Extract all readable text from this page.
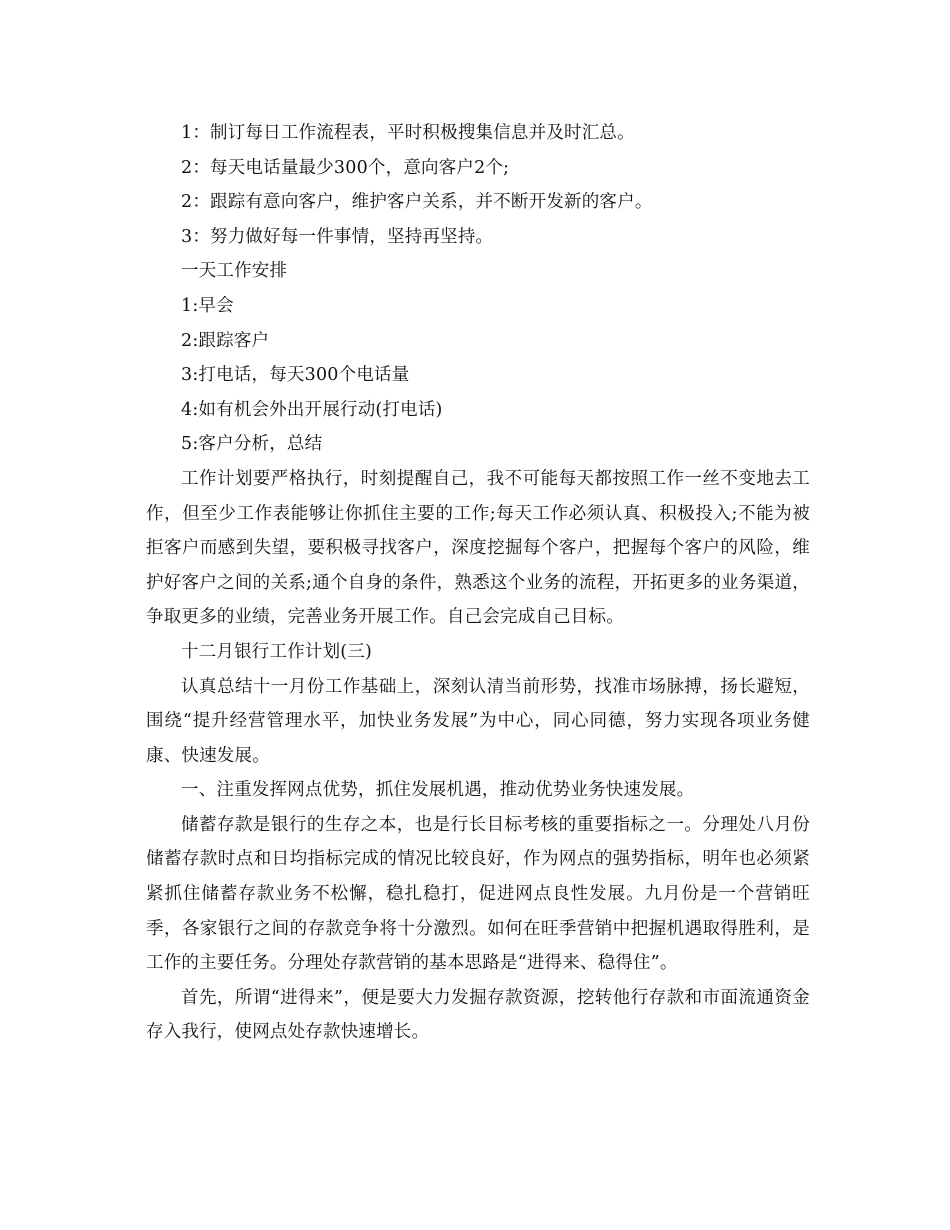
1：制订每日工作流程表，平时积极搜集信息并及时汇总。

2：每天电话量最少300个，意向客户2个;

2：跟踪有意向客户，维护客户关系，并不断开发新的客户。

3：努力做好每一件事情，坚持再坚持。

一天工作安排

1:早会

2:跟踪客户

3:打电话，每天300个电话量

4:如有机会外出开展行动(打电话)

5:客户分析，总结

工作计划要严格执行，时刻提醒自己，我不可能每天都按照工作一丝不变地去工作，但至少工作表能够让你抓住主要的工作;每天工作必须认真、积极投入;不能为被拒客户而感到失望，要积极寻找客户，深度挖掘每个客户，把握每个客户的风险，维护好客户之间的关系;通个自身的条件，熟悉这个业务的流程，开拓更多的业务渠道，争取更多的业绩，完善业务开展工作。自己会完成自己目标。

十二月银行工作计划(三)

认真总结十一月份工作基础上，深刻认清当前形势，找准市场脉搏，扬长避短，围绕“提升经营管理水平，加快业务发展”为中心，同心同德，努力实现各项业务健康、快速发展。

一、注重发挥网点优势，抓住发展机遇，推动优势业务快速发展。

储蓄存款是银行的生存之本，也是行长目标考核的重要指标之一。分理处八月份储蓄存款时点和日均指标完成的情况比较良好，作为网点的强势指标，明年也必须紧紧抓住储蓄存款业务不松懈，稳扎稳打，促进网点良性发展。九月份是一个营销旺季，各家银行之间的存款竞争将十分激烈。如何在旺季营销中把握机遇取得胜利，是工作的主要任务。分理处存款营销的基本思路是“进得来、稳得住”。

首先，所谓“进得来”，便是要大力发掘存款资源，挖转他行存款和市面流通资金存入我行，使网点处存款快速增长。
